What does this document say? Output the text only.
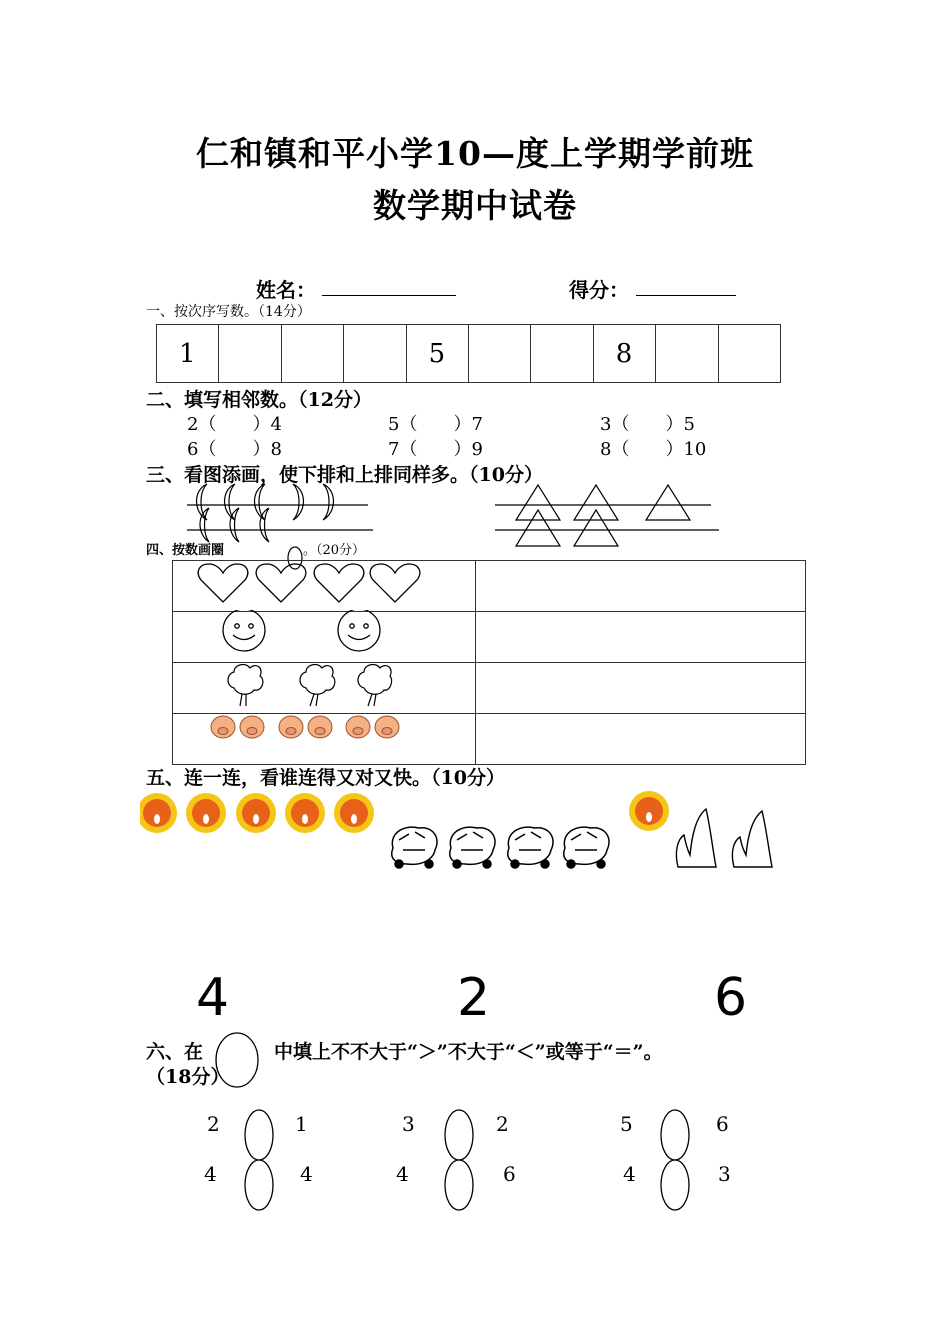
仁和镇和平小学10—度上学期学前班
数学期中试卷
姓名：	得分：
一、按次序写数。（14分）
1				5			8		
二、填写相邻数。（12分）
2（　　）4	5（　　）7	3（　　）5
6（　　）8	7（　　）9	8（　　）10
三、看图添画，使下排和上排同样多。（10分）
四、按数画圈	。（20分）

五、连一连，看谁连得又对又快。（10分）
4	2	6
六、在	中填上不不大于“＞”不大于“＜”或等于“＝”。
（18分）
2	1	3	2	5	6
4	4	4	6	4	3
